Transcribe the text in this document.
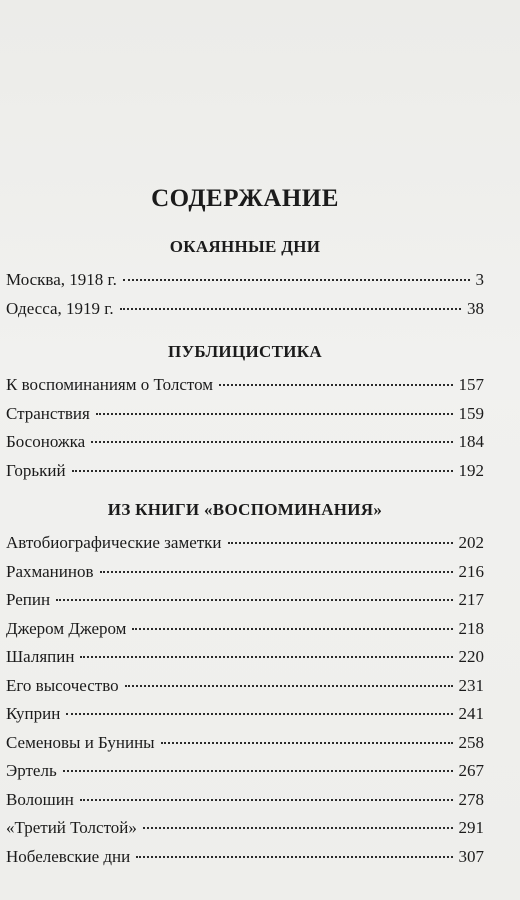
СОДЕРЖАНИЕ
ОКАЯННЫЕ ДНИ
Москва, 1918 г.	3
Одесса, 1919 г.	38
ПУБЛИЦИСТИКА
К воспоминаниям о Толстом	157
Странствия	159
Босоножка	184
Горький	192
ИЗ КНИГИ «ВОСПОМИНАНИЯ»
Автобиографические заметки	202
Рахманинов	216
Репин	217
Джером Джером	218
Шаляпин	220
Его высочество	231
Куприн	241
Семеновы и Бунины	258
Эртель	267
Волошин	278
«Третий Толстой»	291
Нобелевские дни	307
